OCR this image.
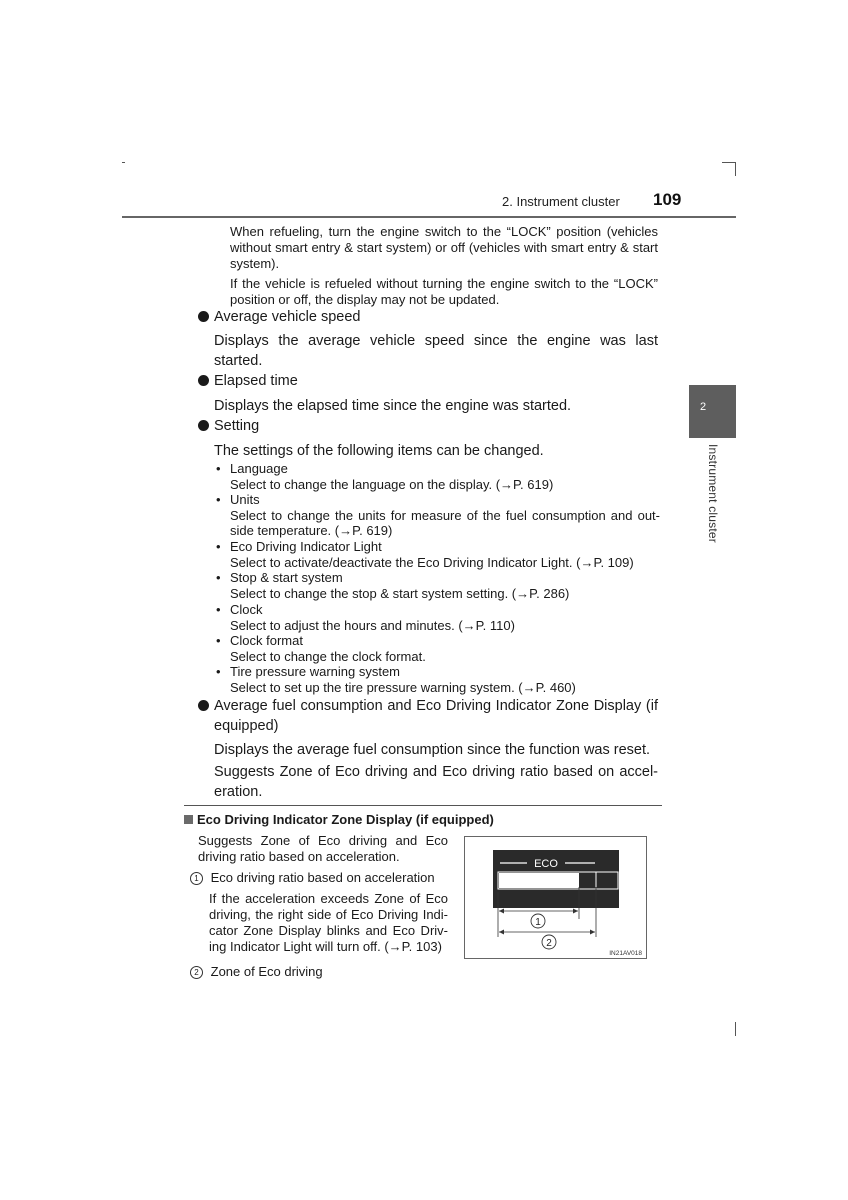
2. Instrument cluster 109
2
Instrument cluster
When refueling, turn the engine switch to the “LOCK” position (vehicles without smart entry & start system) or off (vehicles with smart entry & start system).
If the vehicle is refueled without turning the engine switch to the “LOCK” position or off, the display may not be updated.
Average vehicle speed
Displays the average vehicle speed since the engine was last started.
Elapsed time
Displays the elapsed time since the engine was started.
Setting
The settings of the following items can be changed.
• Language
Select to change the language on the display. (→P. 619)
• Units
Select to change the units for measure of the fuel consumption and out-side temperature. (→P. 619)
• Eco Driving Indicator Light
Select to activate/deactivate the Eco Driving Indicator Light. (→P. 109)
• Stop & start system
Select to change the stop & start system setting. (→P. 286)
• Clock
Select to adjust the hours and minutes. (→P. 110)
• Clock format
Select to change the clock format.
• Tire pressure warning system
Select to set up the tire pressure warning system. (→P. 460)
Average fuel consumption and Eco Driving Indicator Zone Display (if equipped)
Displays the average fuel consumption since the function was reset.
Suggests Zone of Eco driving and Eco driving ratio based on accel-eration.
Eco Driving Indicator Zone Display (if equipped)
Suggests Zone of Eco driving and Eco driving ratio based on acceleration.
1 Eco driving ratio based on acceleration
If the acceleration exceeds Zone of Eco driving, the right side of Eco Driving Indi-cator Zone Display blinks and Eco Driv-ing Indicator Light will turn off. (→P. 103)
2 Zone of Eco driving
ECO
1
2
IN21AV018
